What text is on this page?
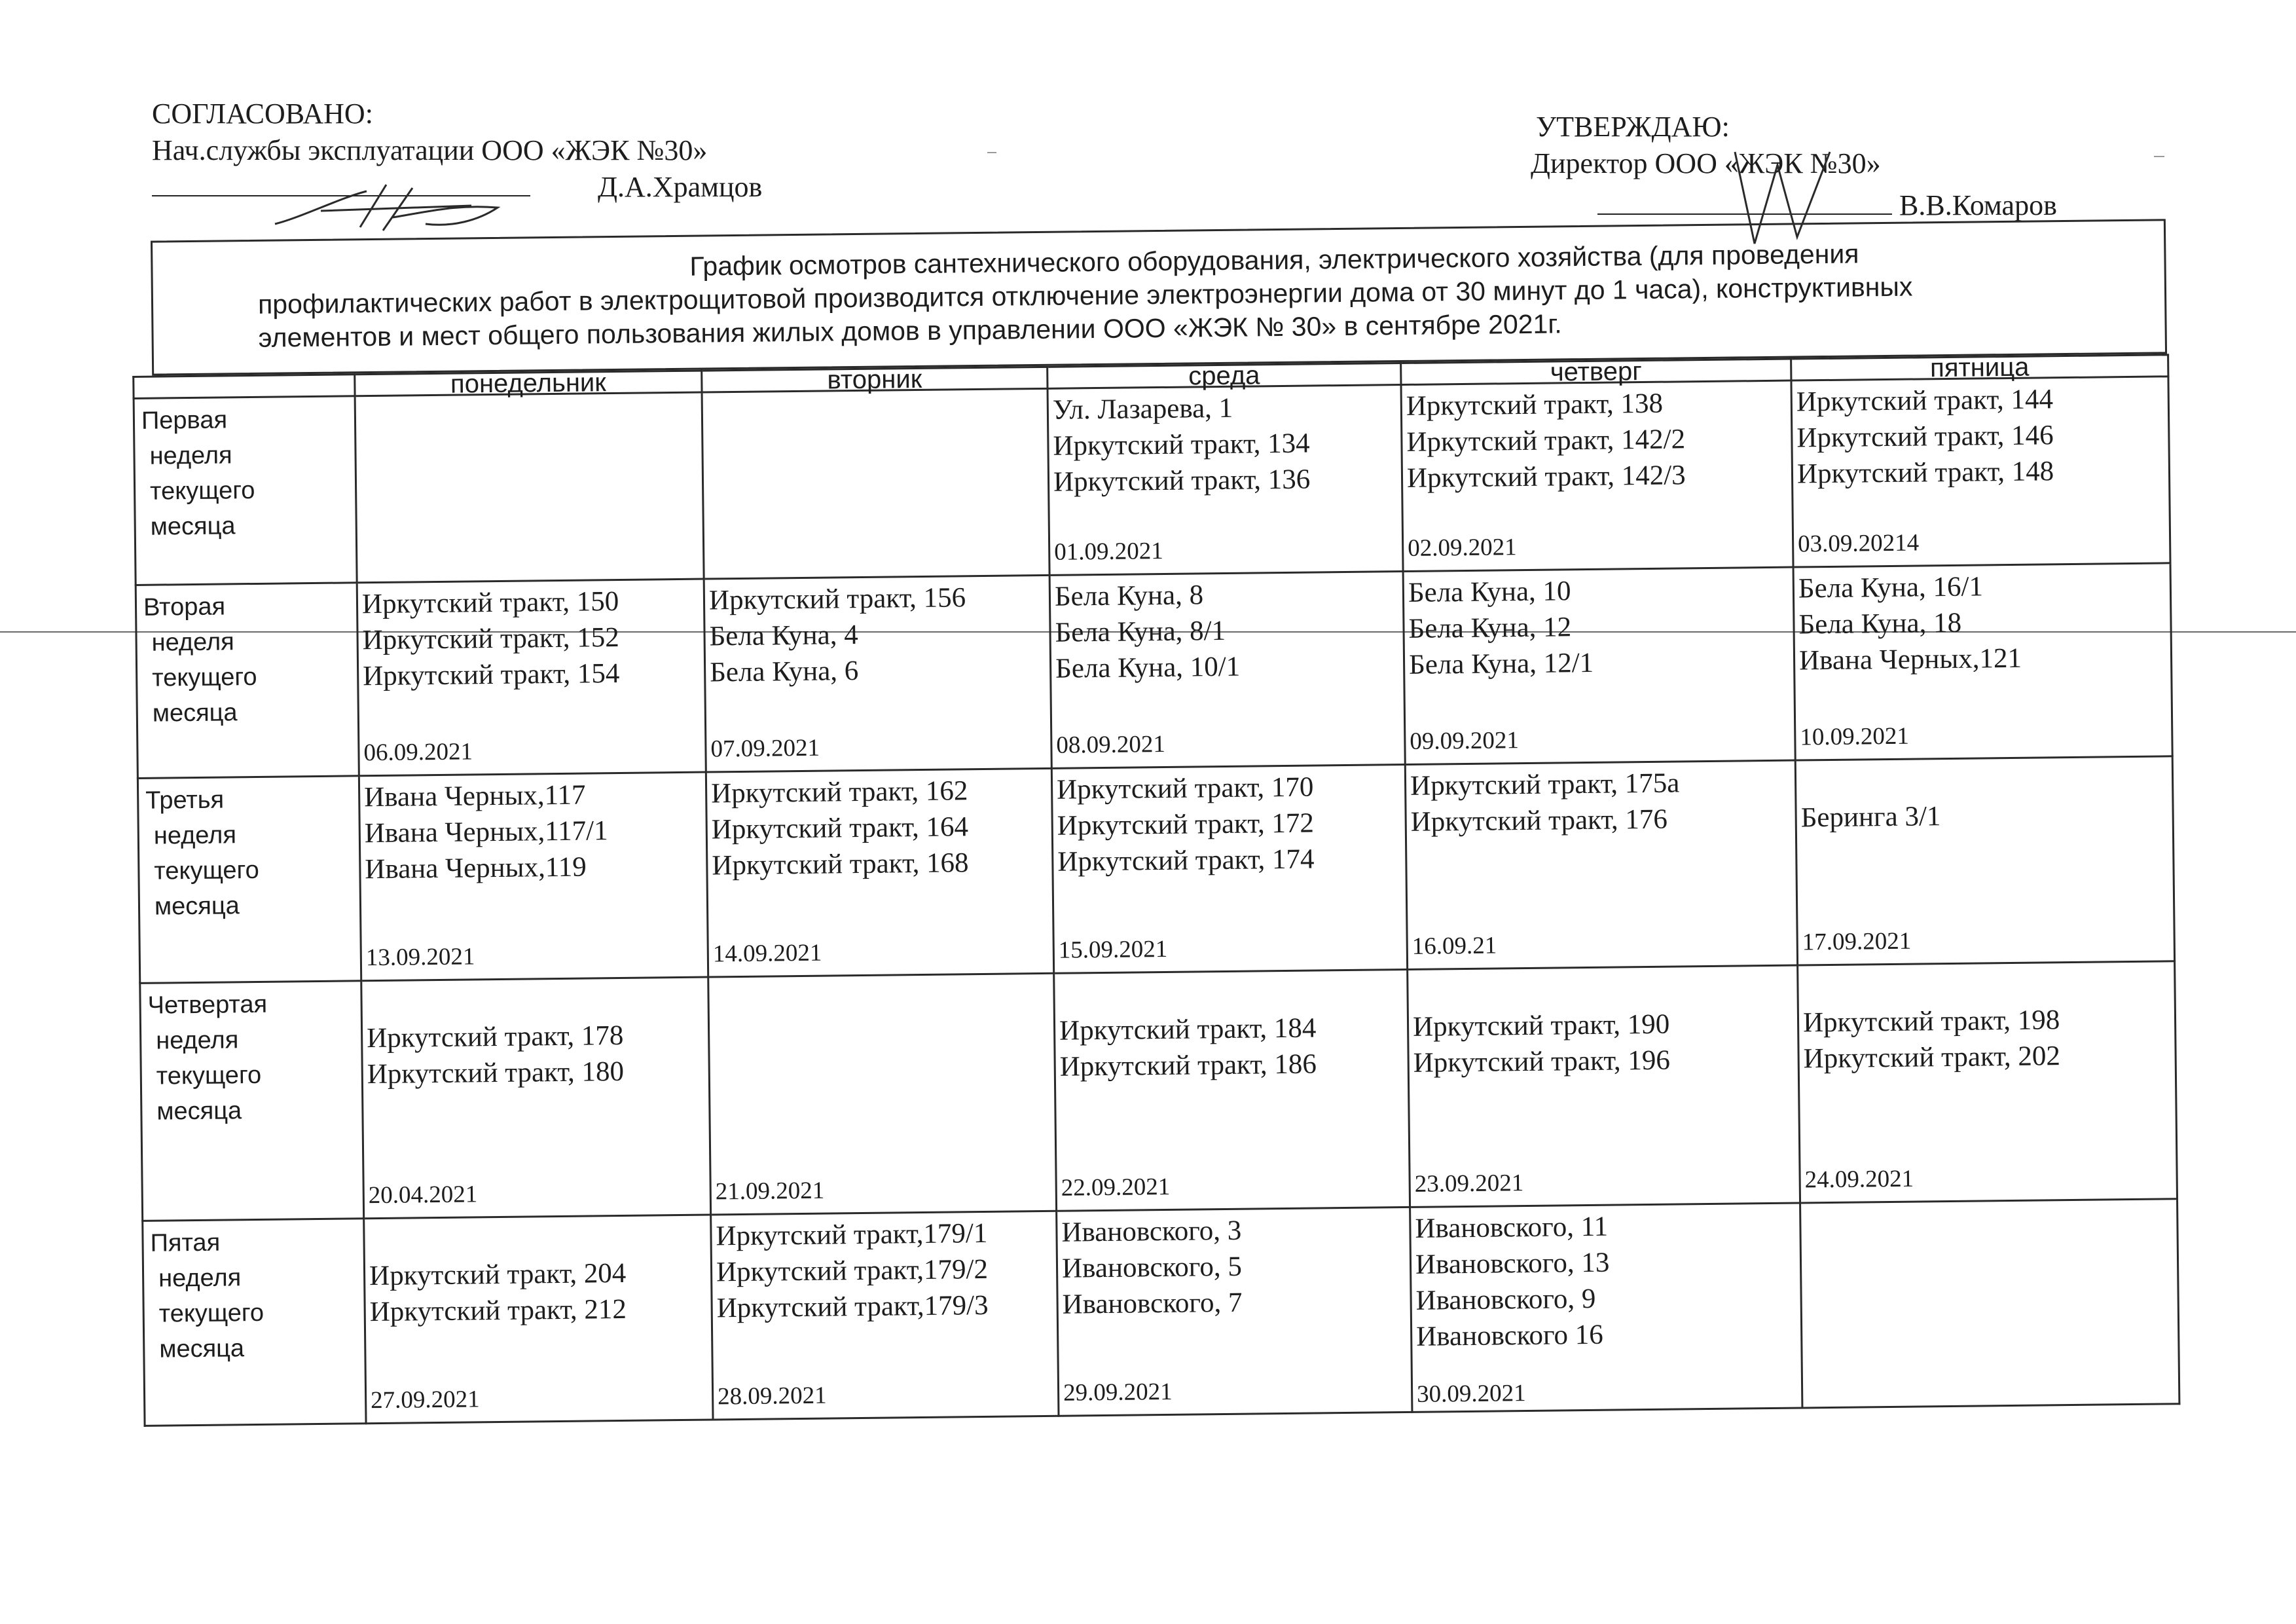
СОГЛАСОВАНО:
Нач.службы эксплуатации ООО «ЖЭК №30»
Д.А.Храмцов
УТВЕРЖДАЮ:
Директор ООО «ЖЭК №30»
В.В.Комаров
График осмотров сантехнического оборудования, электрического хозяйства (для проведения
профилактических работ в электрощитовой производится отключение электроэнергии дома от 30 минут до 1 часа), конструктивных
элементов и мест общего пользования жилых домов в управлении ООО «ЖЭК № 30» в сентябре 2021г.
	понедельник	вторник	среда	четверг	пятница

Первая
неделя
текущего
месяца			Ул. Лазарева, 1
Иркутский тракт, 134
Иркутский тракт, 136
01.09.2021	Иркутский тракт, 138
Иркутский тракт, 142/2
Иркутский тракт, 142/3
02.09.2021	Иркутский тракт, 144
Иркутский тракт, 146
Иркутский тракт, 148
03.09.20214

Вторая
неделя
текущего
месяца	Иркутский тракт, 150
Иркутский тракт, 152
Иркутский тракт, 154
06.09.2021	Иркутский тракт, 156
Бела Куна, 4
Бела Куна, 6
07.09.2021	Бела Куна, 8
Бела Куна, 8/1
Бела Куна, 10/1
08.09.2021	Бела Куна, 10
Бела Куна, 12
Бела Куна, 12/1
09.09.2021	Бела Куна, 16/1
Бела Куна, 18
Ивана Черных,121
10.09.2021

Третья
неделя
текущего
месяца	Ивана Черных,117
Ивана Черных,117/1
Ивана Черных,119
13.09.2021	Иркутский тракт, 162
Иркутский тракт, 164
Иркутский тракт, 168
14.09.2021	Иркутский тракт, 170
Иркутский тракт, 172
Иркутский тракт, 174
15.09.2021	Иркутский тракт, 175а
Иркутский тракт, 176
16.09.21	Беринга 3/1
17.09.2021

Четвертая
неделя
текущего
месяца	Иркутский тракт, 178
Иркутский тракт, 180
20.04.2021	21.09.2021	Иркутский тракт, 184
Иркутский тракт, 186
22.09.2021	Иркутский тракт, 190
Иркутский тракт, 196
23.09.2021	Иркутский тракт, 198
Иркутский тракт, 202
24.09.2021

Пятая
неделя
текущего
месяца	Иркутский тракт, 204
Иркутский тракт, 212
27.09.2021	Иркутский тракт,179/1
Иркутский тракт,179/2
Иркутский тракт,179/3
28.09.2021	Ивановского, 3
Ивановского, 5
Ивановского, 7
29.09.2021	Ивановского, 11
Ивановского, 13
Ивановского, 9
Ивановского 16
30.09.2021	
